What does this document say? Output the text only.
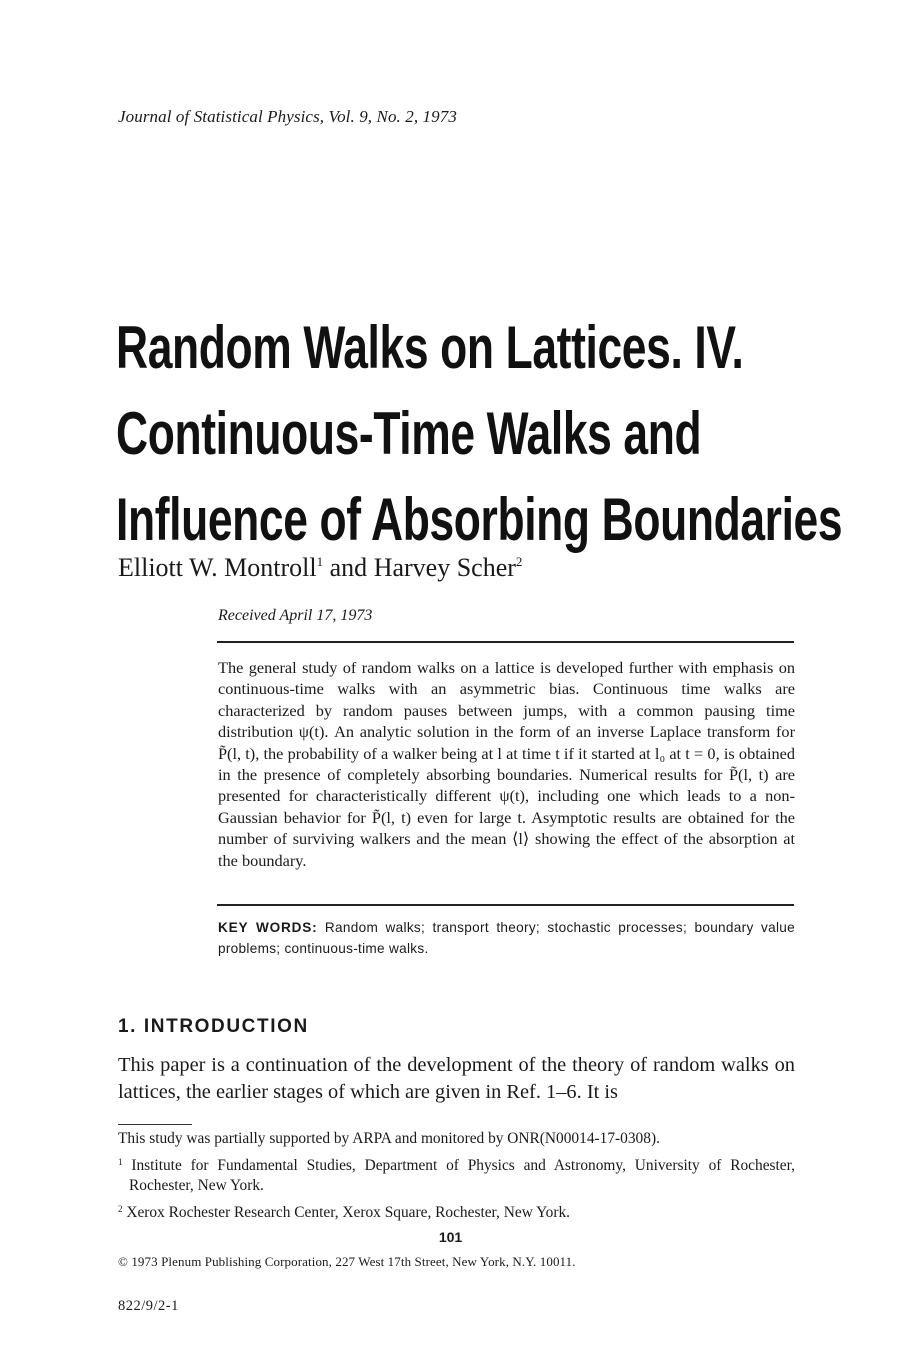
Journal of Statistical Physics, Vol. 9, No. 2, 1973
Random Walks on Lattices. IV.
Continuous-Time Walks and
Influence of Absorbing Boundaries
Elliott W. Montroll$^1$ and Harvey Scher$^2$
Received April 17, 1973
The general study of random walks on a lattice is developed further with emphasis on continuous-time walks with an asymmetric bias. Continuous time walks are characterized by random pauses between jumps, with a common pausing time distribution ψ(t). An analytic solution in the form of an inverse Laplace transform for P̃(l, t), the probability of a walker being at l at time t if it started at l₀ at t = 0, is obtained in the presence of completely absorbing boundaries. Numerical results for P̃(l, t) are presented for characteristically different ψ(t), including one which leads to a non-Gaussian behavior for P̃(l, t) even for large t. Asymptotic results are obtained for the number of surviving walkers and the mean ⟨l⟩ showing the effect of the absorption at the boundary.
KEY WORDS: Random walks; transport theory; stochastic processes; boundary value problems; continuous-time walks.
1. INTRODUCTION
This paper is a continuation of the development of the theory of random walks on lattices, the earlier stages of which are given in Ref. 1–6. It is

This study was partially supported by ARPA and monitored by ONR(N00014-17-0308).

$^1$ Institute for Fundamental Studies, Department of Physics and Astronomy, University of Rochester, Rochester, New York.

$^2$ Xerox Rochester Research Center, Xerox Square, Rochester, New York.

101
© 1973 Plenum Publishing Corporation, 227 West 17th Street, New York, N.Y. 10011.
822/9/2-1
